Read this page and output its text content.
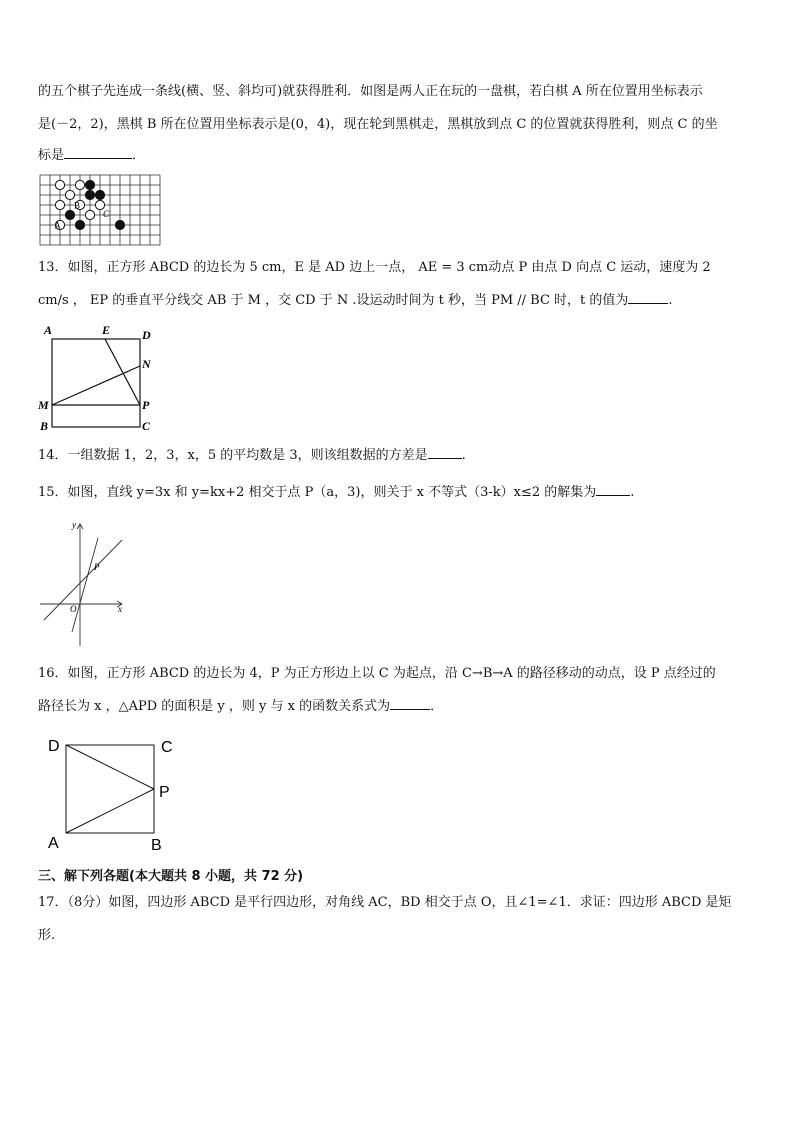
的五个棋子先连成一条线(横、竖、斜均可)就获得胜利．如图是两人正在玩的一盘棋，若白棋 A 所在位置用坐标表示
是(－2，2)，黑棋 B 所在位置用坐标表示是(0，4)，现在轮到黑棋走，黑棋放到点 C 的位置就获得胜利，则点 C 的坐
标是	．
B
A
C
13．如图，正方形 ABCD 的边长为 5 cm，E 是 AD 边上一点， AE = 3 cm动点 P 由点 D 向点 C 运动，速度为 2
cm/s ， EP 的垂直平分线交 AB 于 M ，交 CD 于 N .设运动时间为 t 秒，当 PM // BC 时，t 的值为	.
A	E	D
N
M	P
B	C
14．一组数据 1，2，3，x，5 的平均数是 3，则该组数据的方差是	.
15．如图，直线 y=3x 和 y=kx+2 相交于点 P（a，3)，则关于 x 不等式（3-k）x≤2 的解集为	.
y
P
O	x
16．如图，正方形 ABCD 的边长为 4，P 为正方形边上以 C 为起点，沿 C→B→A 的路径移动的动点，设 P 点经过的
路径长为 x ，△APD 的面积是 y ，则 y 与 x 的函数关系式为	．
D	C
P
A	B
三、解下列各题(本大题共 8 小题，共 72 分)
17．（8分）如图，四边形 ABCD 是平行四边形，对角线 AC，BD 相交于点 O，且∠1=∠1．求证：四边形 ABCD 是矩
形.
